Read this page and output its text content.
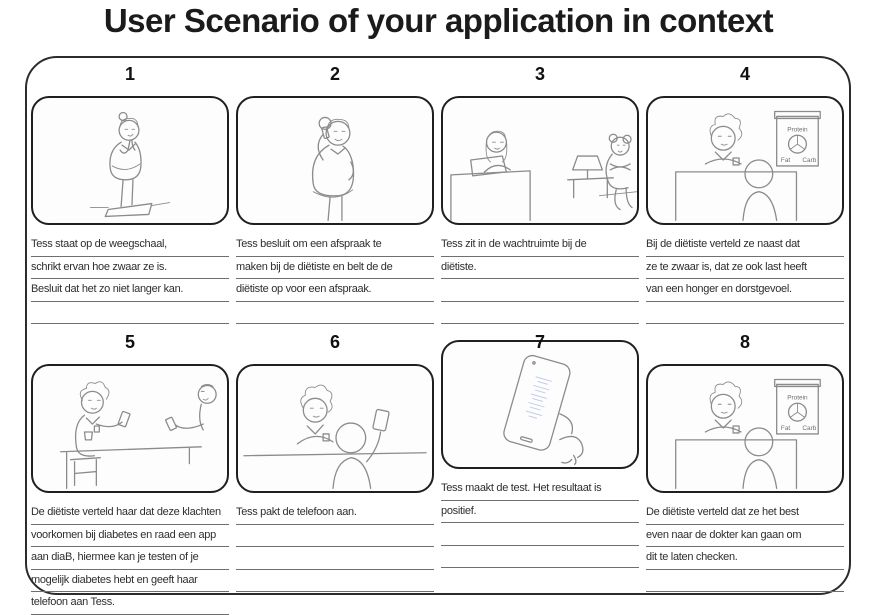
User Scenario of your application in context
1
Tess staat op de weegschaal,
schrikt ervan hoe zwaar ze is.
Besluit dat het zo niet langer kan.
2
Tess besluit om een afspraak te
maken bij de diëtiste en belt de de
diëtiste op voor een afspraak.
3
Tess zit in de wachtruimte bij de
diëtiste.
4
Protein
Fat Carb
Bij de diëtiste verteld ze naast dat
ze te zwaar is, dat ze ook last heeft
van een honger en dorstgevoel.
5
De diëtiste verteld haar dat deze klachten
voorkomen bij diabetes en raad een app
aan diaB, hiermee kan je testen of je
mogelijk diabetes hebt en geeft haar
telefoon aan Tess.
6
Tess pakt de telefoon aan.
7
Tess maakt de test. Het resultaat is
positief.
8
Protein
Fat Carb
De diëtiste verteld dat ze het best
even naar de dokter kan gaan om
dit te laten checken.
